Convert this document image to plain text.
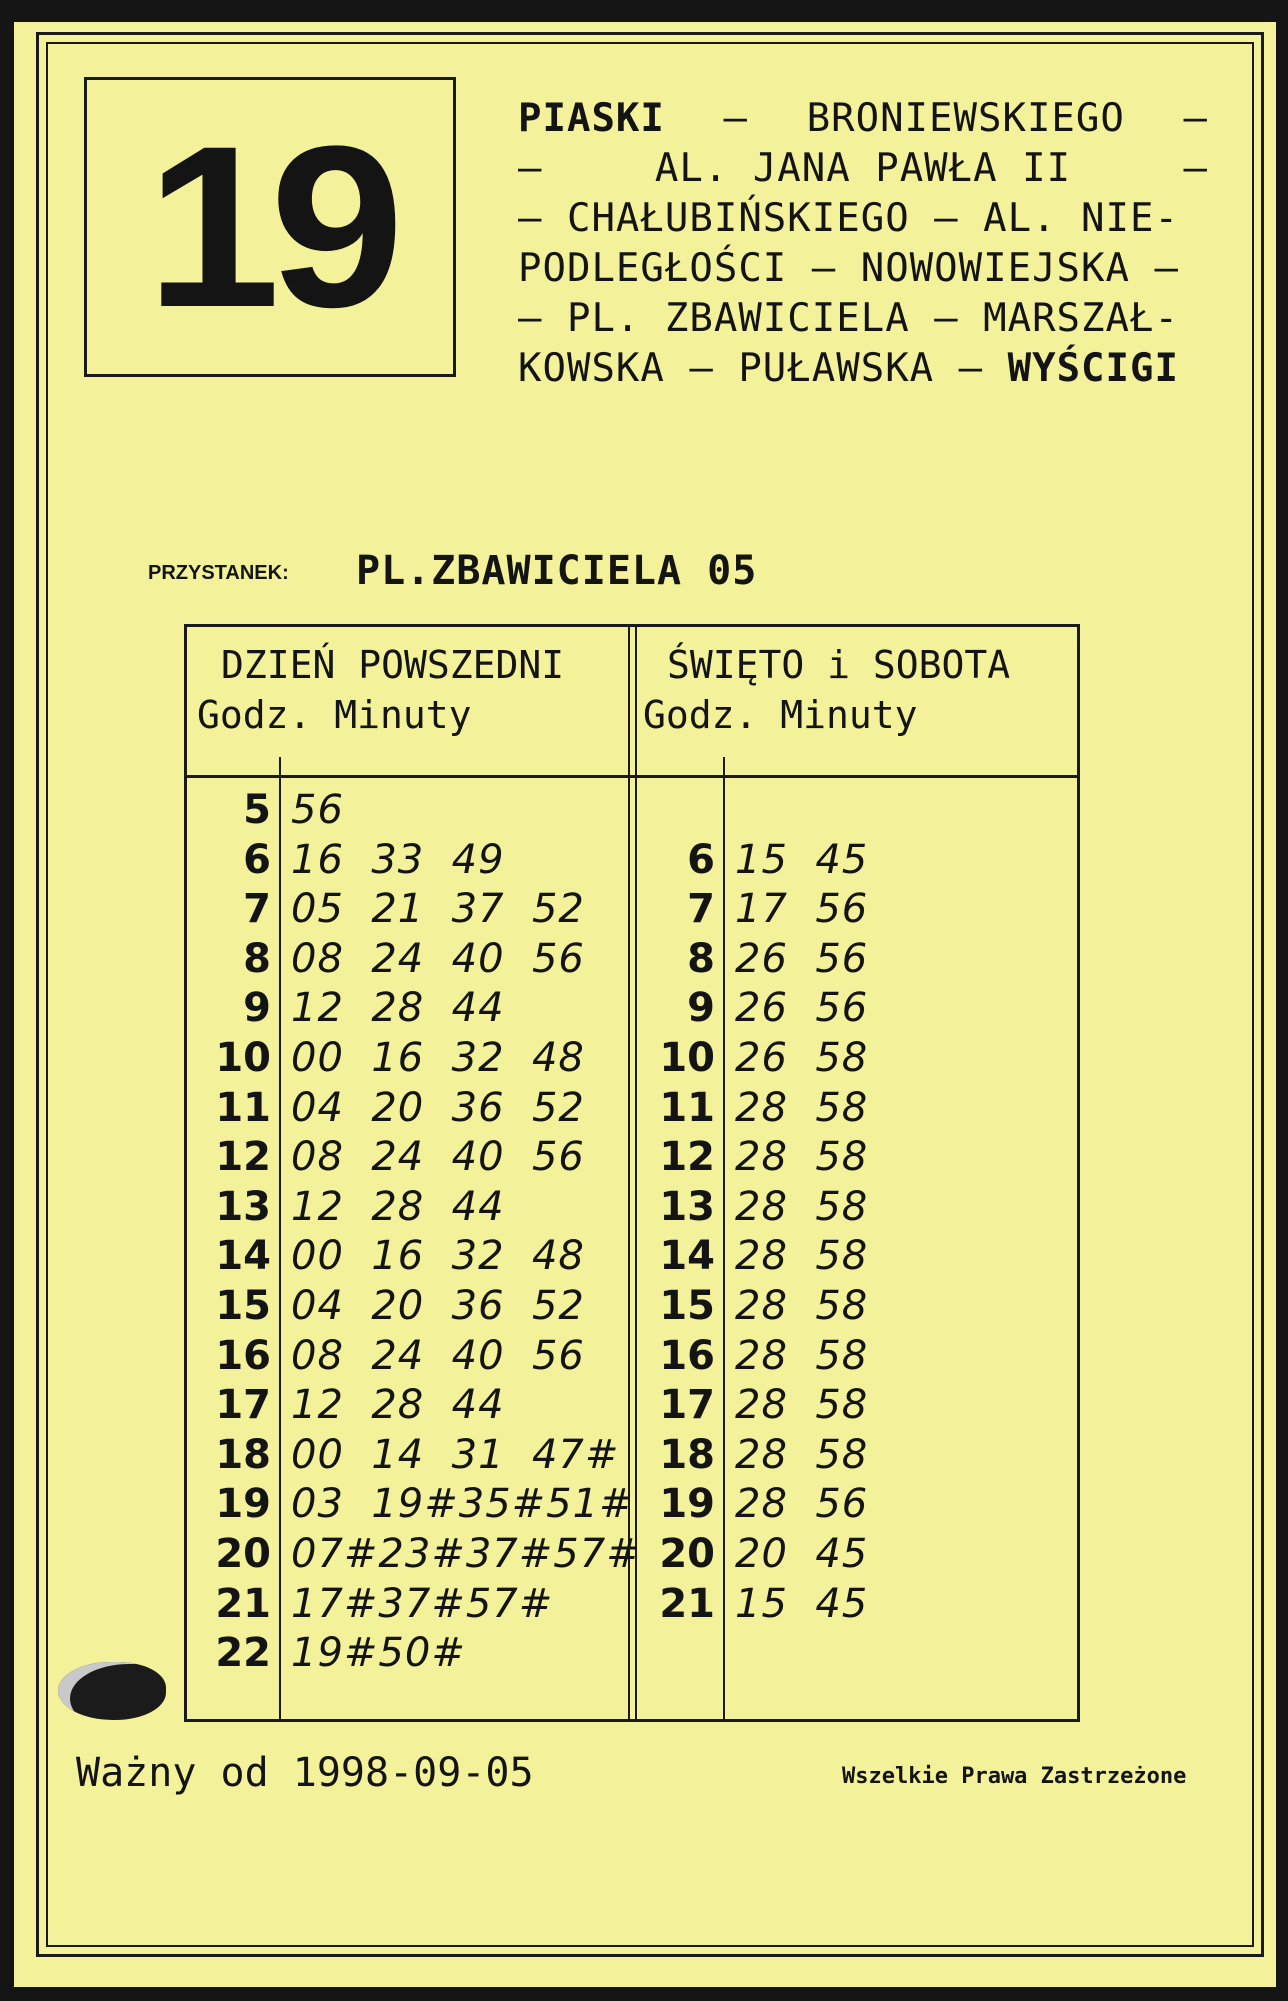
19	PIASKI – BRONIEWSKIEGO –
–	AL. JANA PAWŁA II	–
– CHAŁUBIŃSKIEGO – AL. NIE-
PODLEGŁOŚCI – NOWOWIEJSKA –
– PL. ZBAWICIELA – MARSZAŁ-
KOWSKA – PUŁAWSKA – WYŚCIGI
PRZYSTANEK: PL.ZBAWICIELA 05
DZIEŃ POWSZEDNI
Godz. Minuty
ŚWIĘTO i SOBOTA
Godz. Minuty
5 56
6 16  33  49
7 05  21  37  52
8 08  24  40  56
9 12  28  44
10 00  16  32  48
11 04  20  36  52
12 08  24  40  56
13 12  28  44
14 00  16  32  48
15 04  20  36  52
16 08  24  40  56
17 12  28  44
18 00  14  31  47#
19 03  19#35#51#
20 07#23#37#57#
21 17#37#57#
22 19#50#
6 15  45
7 17  56
8 26  56
9 26  56
10 26  58
11 28  58
12 28  58
13 28  58
14 28  58
15 28  58
16 28  58
17 28  58
18 28  58
19 28  56
20 20  45
21 15  45
Ważny od 1998-09-05	Wszelkie Prawa Zastrzeżone
